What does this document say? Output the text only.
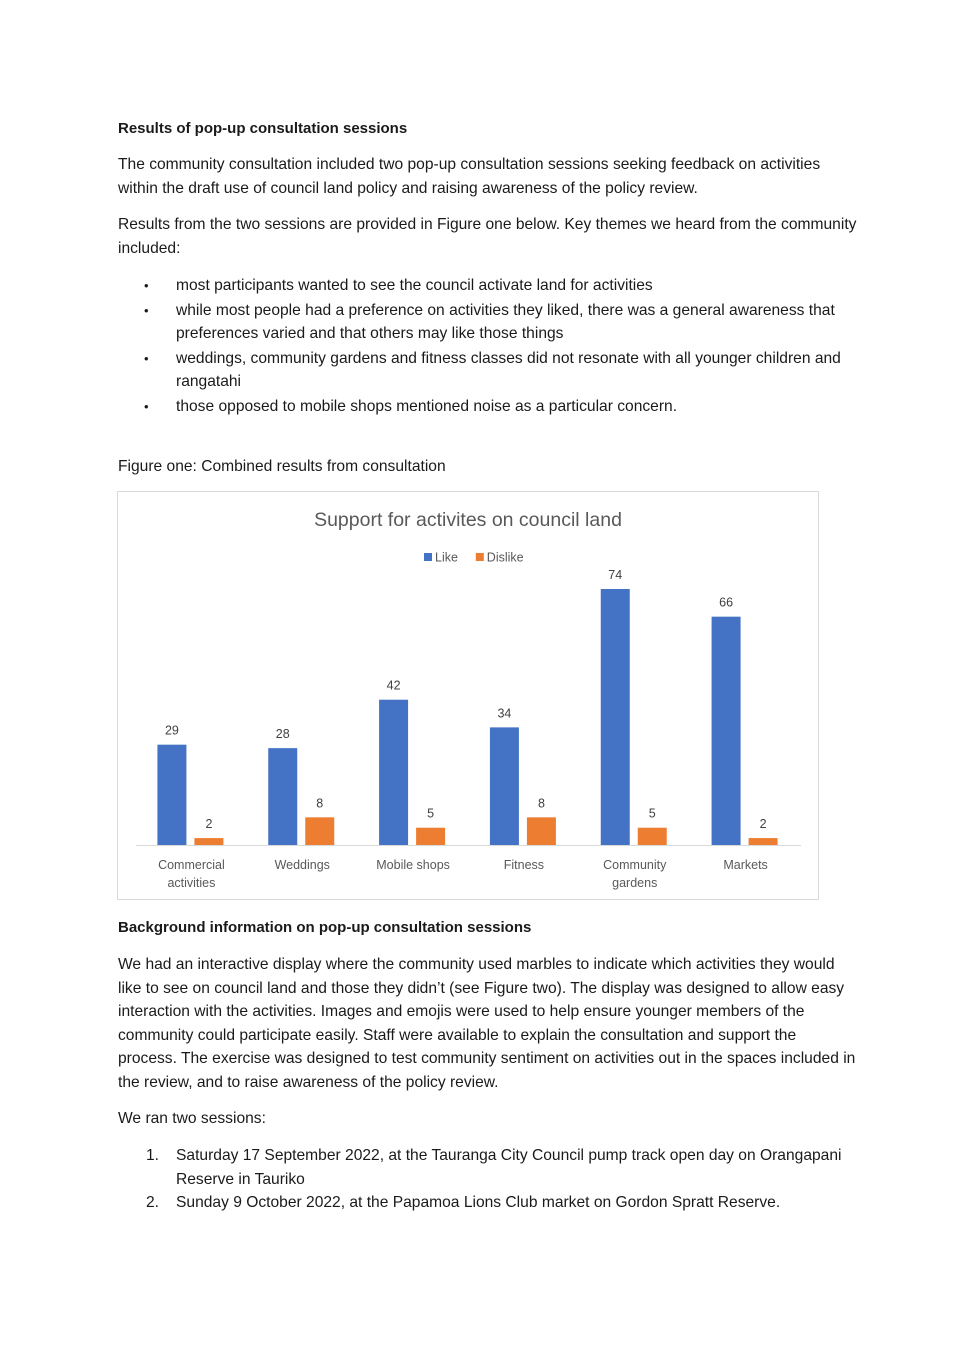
Results of pop-up consultation sessions

The community consultation included two pop-up consultation sessions seeking feedback on activities within the draft use of council land policy and raising awareness of the policy review.

Results from the two sessions are provided in Figure one below. Key themes we heard from the community included:

• most participants wanted to see the council activate land for activities
• while most people had a preference on activities they liked, there was a general awareness that preferences varied and that others may like those things
• weddings, community gardens and fitness classes did not resonate with all younger children and rangatahi
• those opposed to mobile shops mentioned noise as a particular concern.

Figure one: Combined results from consultation

Support for activites on council land
Like Dislike
29
2
Commercial
activities
28
8
Weddings
42
5
Mobile shops
34
8
Fitness
74
5
Community
gardens
66
2
Markets

Background information on pop-up consultation sessions

We had an interactive display where the community used marbles to indicate which activities they would like to see on council land and those they didn’t (see Figure two). The display was designed to allow easy interaction with the activities. Images and emojis were used to help ensure younger members of the community could participate easily. Staff were available to explain the consultation and support the process. The exercise was designed to test community sentiment on activities out in the spaces included in the review, and to raise awareness of the policy review.

We ran two sessions:

1. Saturday 17 September 2022, at the Tauranga City Council pump track open day on Orangapani Reserve in Tauriko
2. Sunday 9 October 2022, at the Papamoa Lions Club market on Gordon Spratt Reserve.
